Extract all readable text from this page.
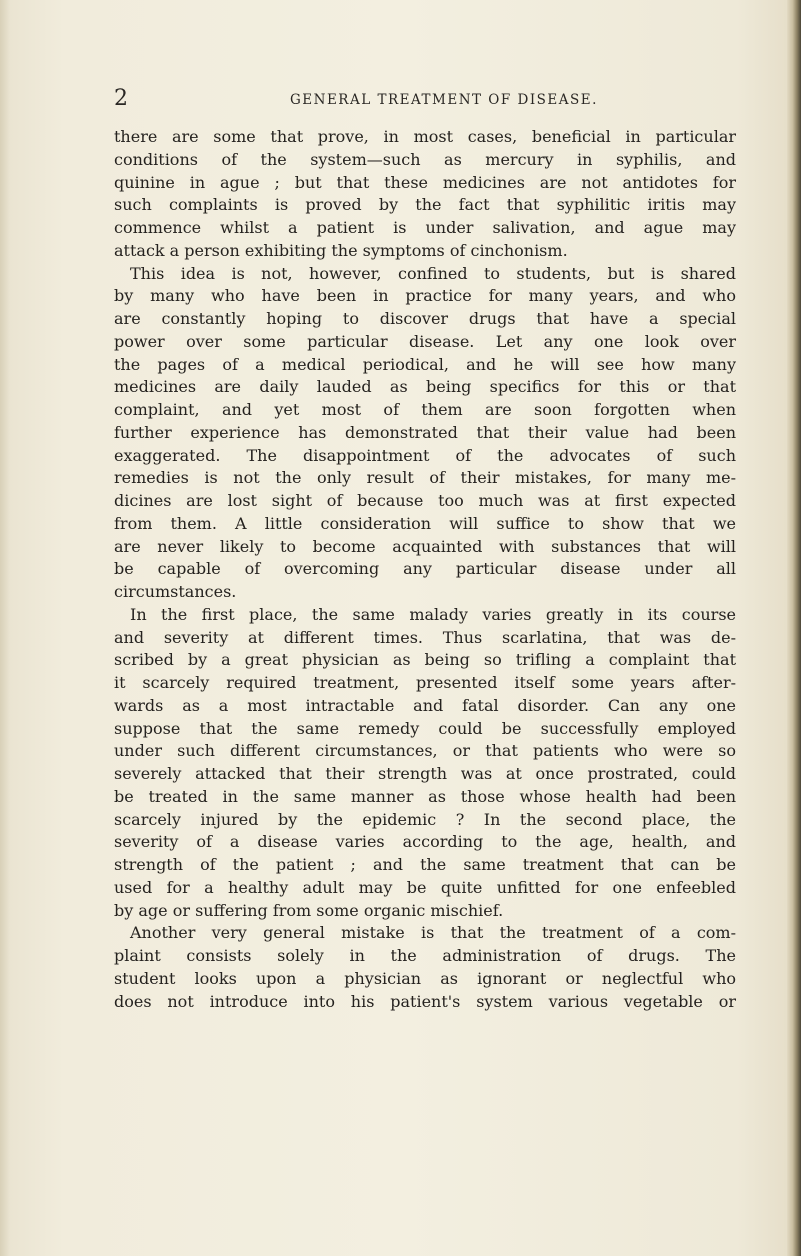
2	GENERAL TREATMENT OF DISEASE.
there are some that prove, in most cases, beneficial in particular
conditions of the system—such as mercury in syphilis, and
quinine in ague ; but that these medicines are not antidotes for
such complaints is proved by the fact that syphilitic iritis may
commence whilst a patient is under salivation, and ague may
attack a person exhibiting the symptoms of cinchonism.
This idea is not, however, confined to students, but is shared
by many who have been in practice for many years, and who
are constantly hoping to discover drugs that have a special
power over some particular disease. Let any one look over
the pages of a medical periodical, and he will see how many
medicines are daily lauded as being specifics for this or that
complaint, and yet most of them are soon forgotten when
further experience has demonstrated that their value had been
exaggerated. The disappointment of the advocates of such
remedies is not the only result of their mistakes, for many me-
dicines are lost sight of because too much was at first expected
from them. A little consideration will suffice to show that we
are never likely to become acquainted with substances that will
be capable of overcoming any particular disease under all
circumstances.
In the first place, the same malady varies greatly in its course
and severity at different times. Thus scarlatina, that was de-
scribed by a great physician as being so trifling a complaint that
it scarcely required treatment, presented itself some years after-
wards as a most intractable and fatal disorder. Can any one
suppose that the same remedy could be successfully employed
under such different circumstances, or that patients who were so
severely attacked that their strength was at once prostrated, could
be treated in the same manner as those whose health had been
scarcely injured by the epidemic ? In the second place, the
severity of a disease varies according to the age, health, and
strength of the patient ; and the same treatment that can be
used for a healthy adult may be quite unfitted for one enfeebled
by age or suffering from some organic mischief.
Another very general mistake is that the treatment of a com-
plaint consists solely in the administration of drugs. The
student looks upon a physician as ignorant or neglectful who
does not introduce into his patient's system various vegetable or
